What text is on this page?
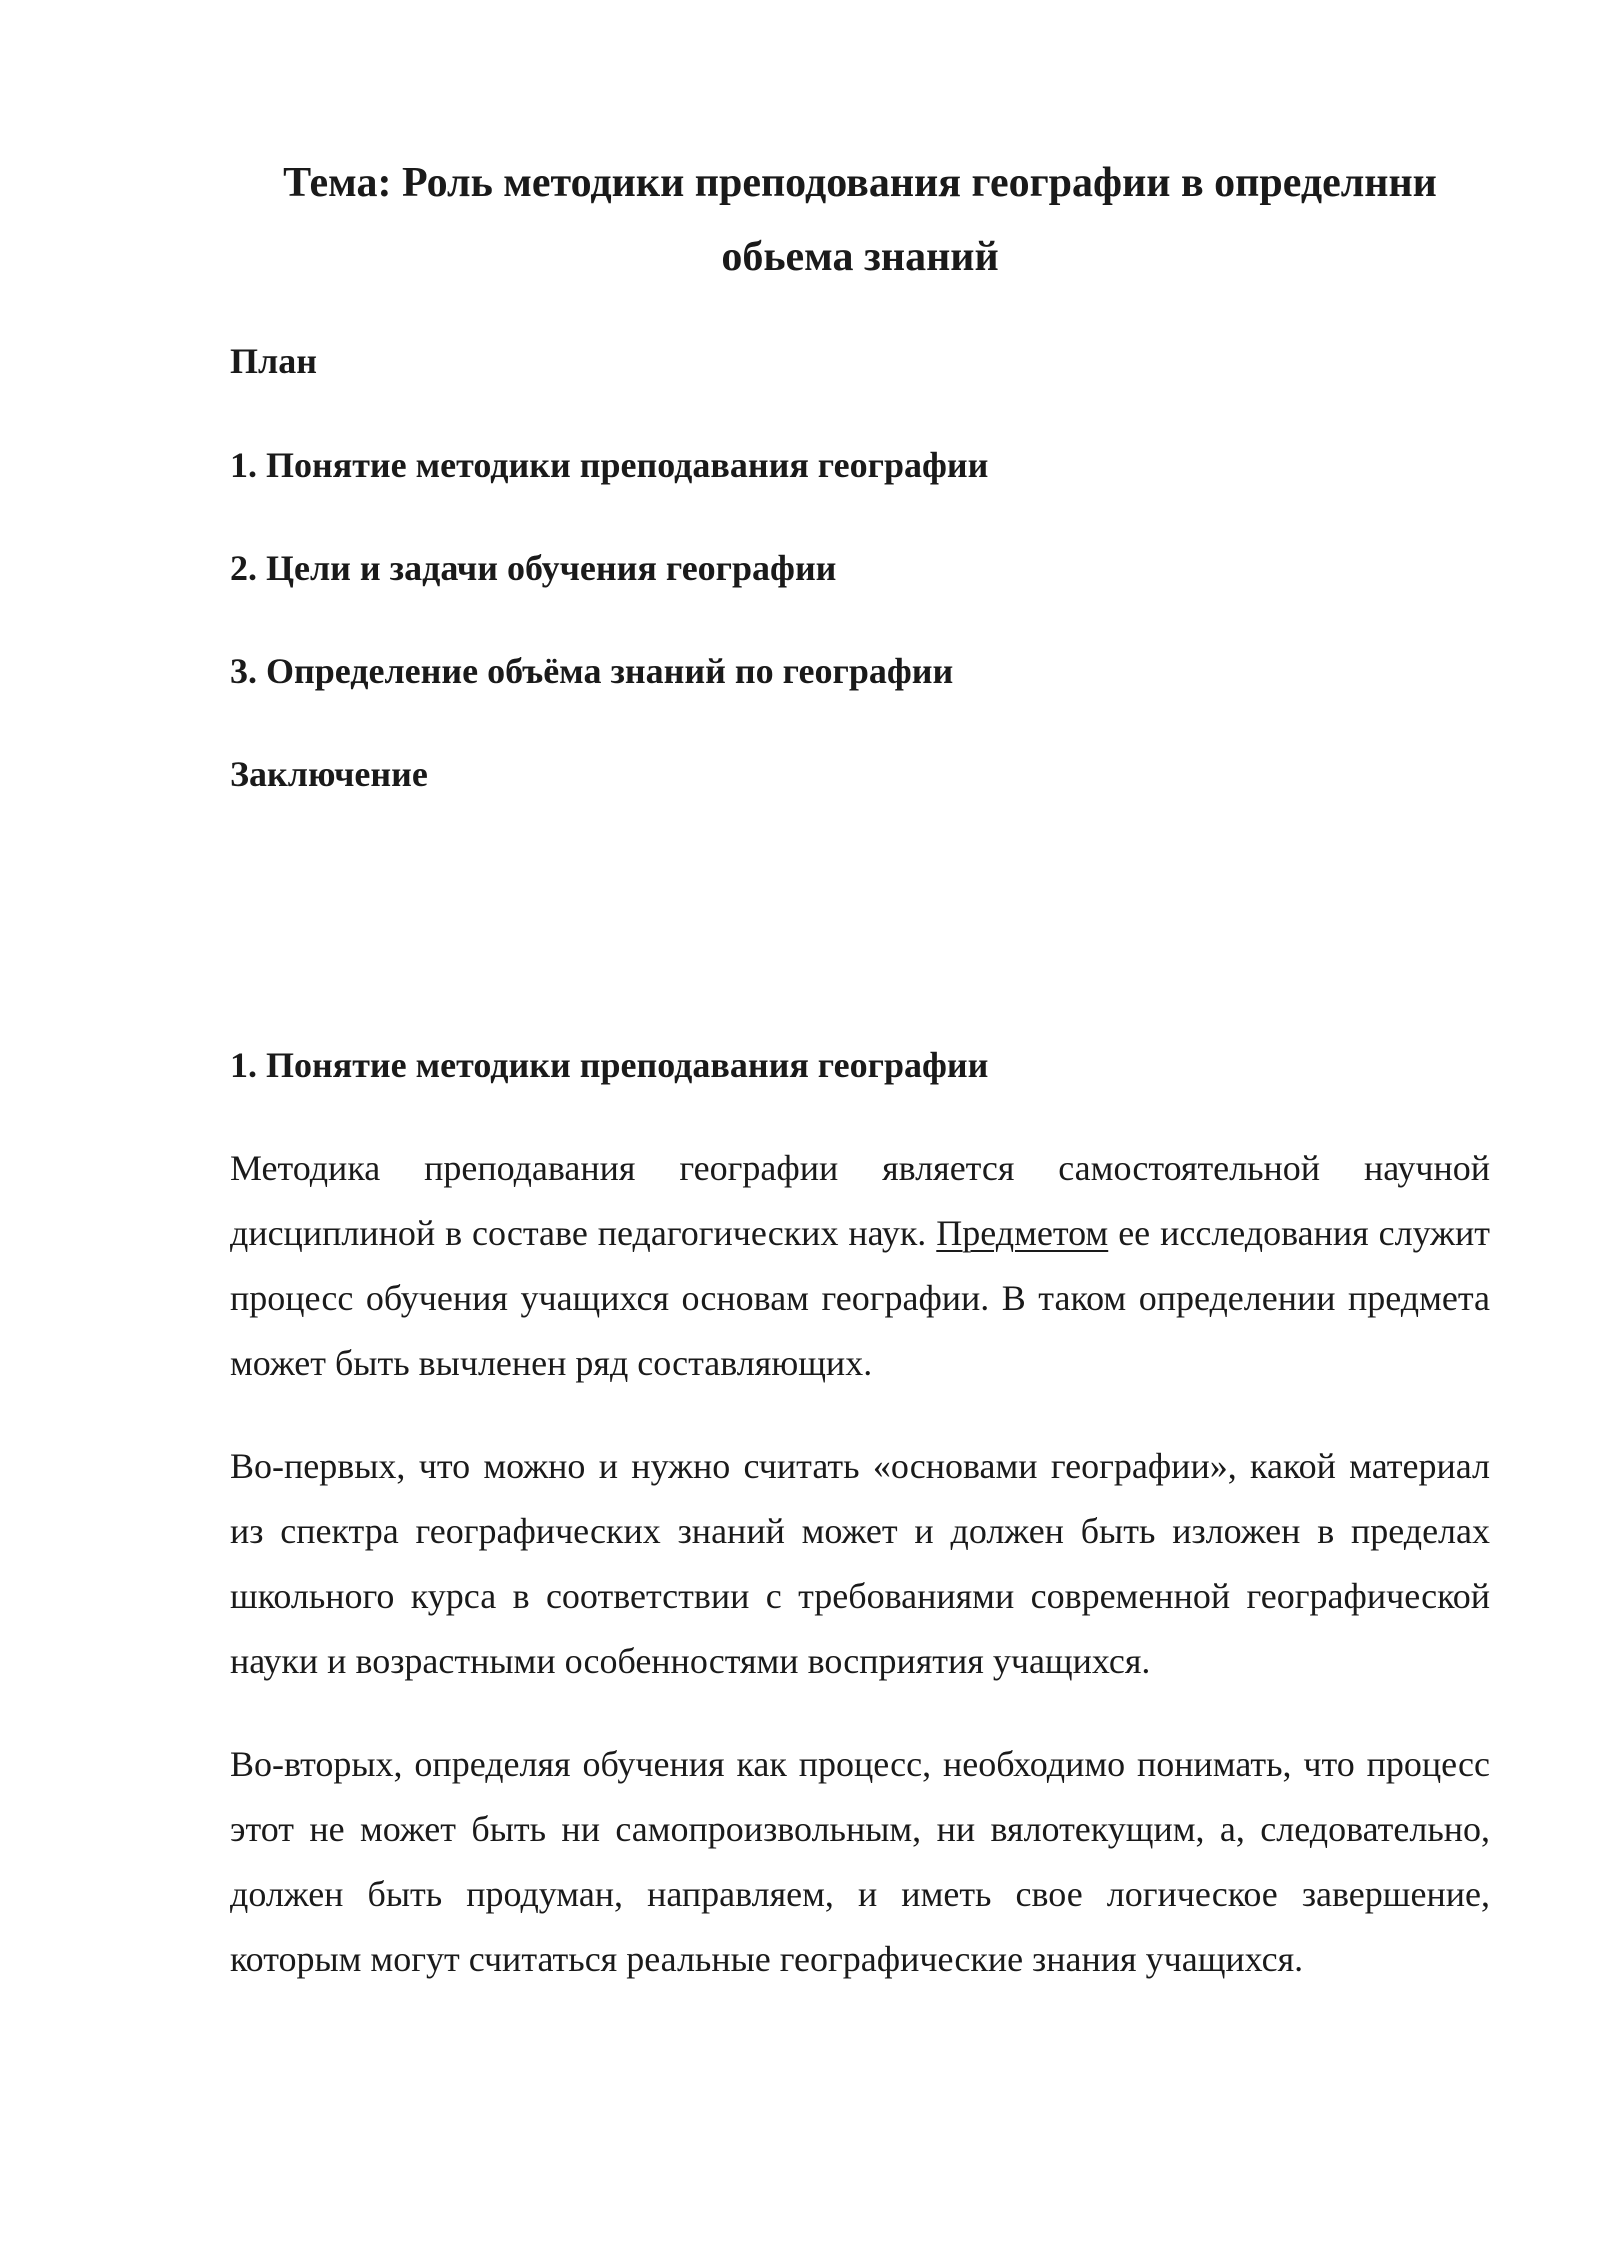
Тема: Роль методики преподования географии в определнни обьема знаний

План

1. Понятие методики преподавания географии

2. Цели и задачи обучения географии

3. Определение объёма знаний по географии

Заключение

1. Понятие методики преподавания географии

Методика преподавания географии является самостоятельной научной дисциплиной в составе педагогических наук. Предметом ее исследования служит процесс обучения учащихся основам географии. В таком определении предмета может быть вычленен ряд составляющих.

Во-первых, что можно и нужно считать «основами географии», какой материал из спектра географических знаний может и должен быть изложен в пределах школьного курса в соответствии с требованиями современной географической науки и возрастными особенностями восприятия учащихся.

Во-вторых, определяя обучения как процесс, необходимо понимать, что процесс этот не может быть ни самопроизвольным, ни вялотекущим, а, следовательно, должен быть продуман, направляем, и иметь свое логическое завершение, которым могут считаться реальные географические знания учащихся.
